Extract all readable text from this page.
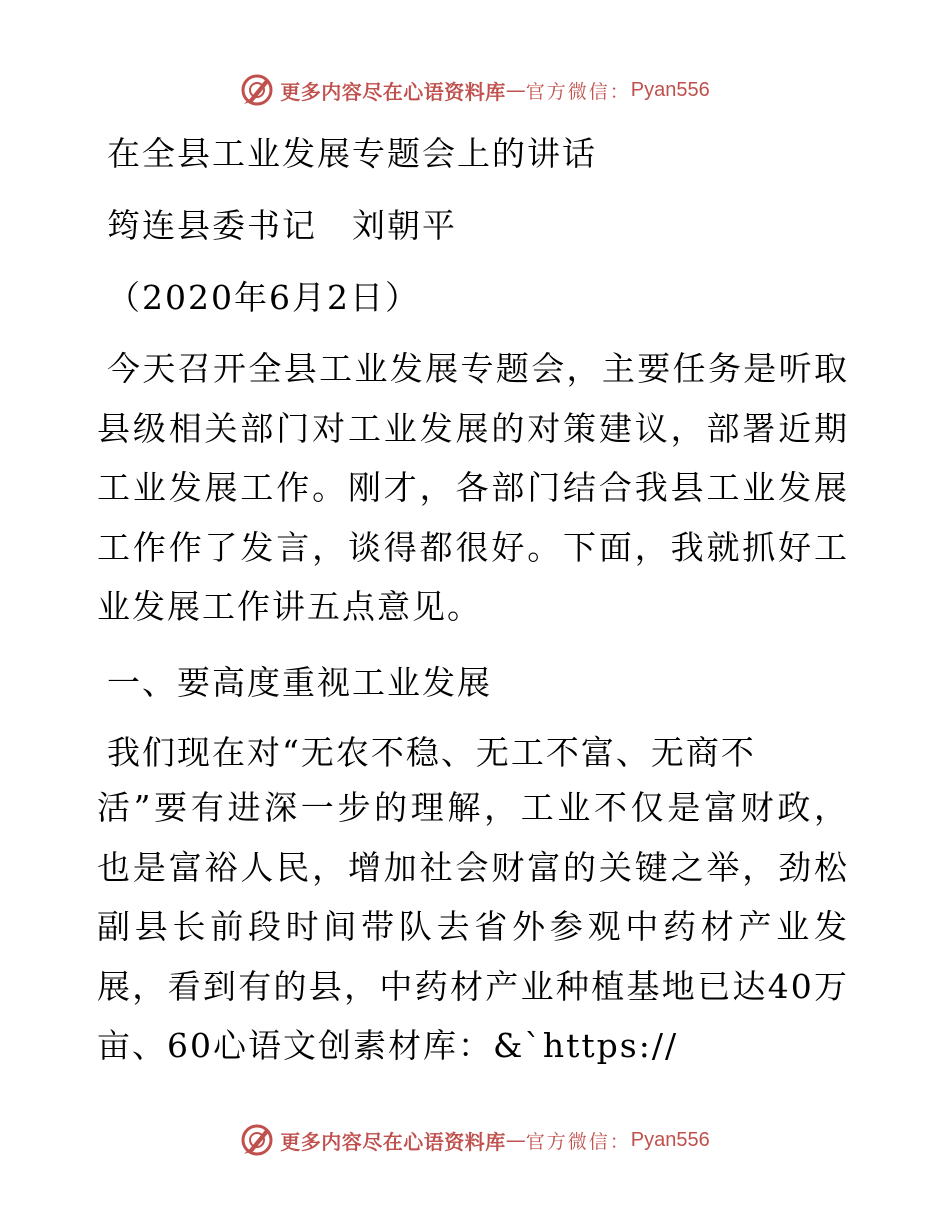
更多内容尽在心语资料库 — 官方微信： Pyan556
在全县工业发展专题会上的讲话
筠连县委书记　刘朝平
（2020年6月2日）
今天召开全县工业发展专题会，主要任务是听取县级相关部门对工业发展的对策建议，部署近期工业发展工作。刚才，各部门结合我县工业发展工作作了发言，谈得都很好。下面，我就抓好工业发展工作讲五点意见。
一、要高度重视工业发展
我们现在对“无农不稳、无工不富、无商不
活”要有进深一步的理解，工业不仅是富财政，也是富裕人民，增加社会财富的关键之举，劲松副县长前段时间带队去省外参观中药材产业发展，看到有的县，中药材产业种植基地已达40万亩、60心语文创素材库：&`https://
更多内容尽在心语资料库 — 官方微信： Pyan556
